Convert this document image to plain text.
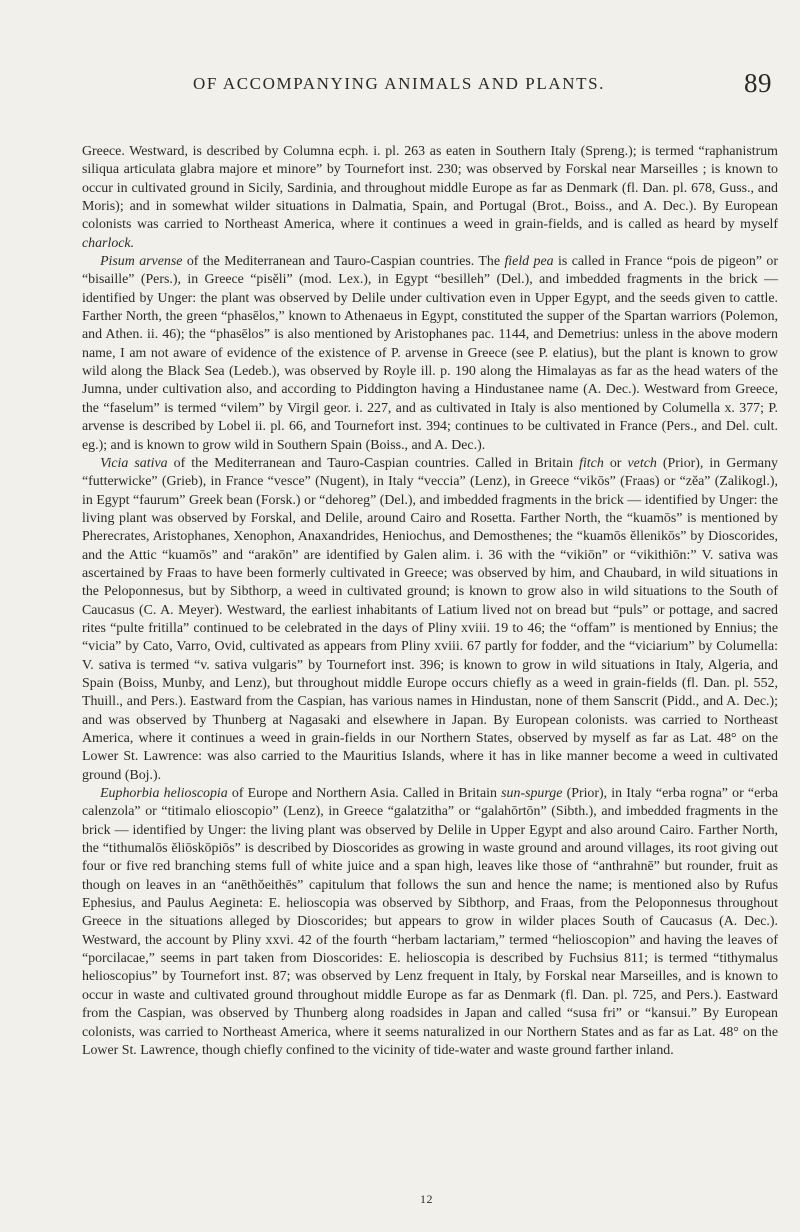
OF ACCOMPANYING ANIMALS AND PLANTS.	89

Greece. Westward, is described by Columna ecph. i. pl. 263 as eaten in Southern Italy (Spreng.); is termed “raphanistrum siliqua articulata glabra majore et minore” by Tournefort inst. 230; was observed by Forskal near Marseilles ; is known to occur in cultivated ground in Sicily, Sardinia, and throughout middle Europe as far as Denmark (fl. Dan. pl. 678, Guss., and Moris); and in somewhat wilder situations in Dalmatia, Spain, and Portugal (Brot., Boiss., and A. Dec.). By European colonists was carried to Northeast America, where it continues a weed in grain-fields, and is called as heard by myself charlock.

Pisum arvense of the Mediterranean and Tauro-Caspian countries. The field pea is called in France “pois de pigeon” or “bisaille” (Pers.), in Greece “pisĕli” (mod. Lex.), in Egypt “besilleh” (Del.), and imbedded fragments in the brick — identified by Unger: the plant was observed by Delile under cultivation even in Upper Egypt, and the seeds given to cattle. Farther North, the green “phasēlos,” known to Athenaeus in Egypt, constituted the supper of the Spartan warriors (Polemon, and Athen. ii. 46); the “phasēlos” is also mentioned by Aristophanes pac. 1144, and Demetrius: unless in the above modern name, I am not aware of evidence of the existence of P. arvense in Greece (see P. elatius), but the plant is known to grow wild along the Black Sea (Ledeb.), was observed by Royle ill. p. 190 along the Himalayas as far as the head waters of the Jumna, under cultivation also, and according to Piddington having a Hindustanee name (A. Dec.). Westward from Greece, the “faselum” is termed “vilem” by Virgil geor. i. 227, and as cultivated in Italy is also mentioned by Columella x. 377; P. arvense is described by Lobel ii. pl. 66, and Tournefort inst. 394; continues to be cultivated in France (Pers., and Del. cult. eg.); and is known to grow wild in Southern Spain (Boiss., and A. Dec.).

Vicia sativa of the Mediterranean and Tauro-Caspian countries. Called in Britain fitch or vetch (Prior), in Germany “futterwicke” (Grieb), in France “vesce” (Nugent), in Italy “veccia” (Lenz), in Greece “vikōs” (Fraas) or “zĕa” (Zalikogl.), in Egypt “faurum” Greek bean (Forsk.) or “dehoreg” (Del.), and imbedded fragments in the brick — identified by Unger: the living plant was observed by Forskal, and Delile, around Cairo and Rosetta. Farther North, the “kuamōs” is mentioned by Pherecrates, Aristophanes, Xenophon, Anaxandrides, Heniochus, and Demosthenes; the “kuamōs ĕllenikōs” by Dioscorides, and the Attic “kuamōs” and “arakōn” are identified by Galen alim. i. 36 with the “vikiōn” or “vikithiōn:” V. sativa was ascertained by Fraas to have been formerly cultivated in Greece; was observed by him, and Chaubard, in wild situations in the Peloponnesus, but by Sibthorp, a weed in cultivated ground; is known to grow also in wild situations to the South of Caucasus (C. A. Meyer). Westward, the earliest inhabitants of Latium lived not on bread but “puls” or pottage, and sacred rites “pulte fritilla” continued to be celebrated in the days of Pliny xviii. 19 to 46; the “offam” is mentioned by Ennius; the “vicia” by Cato, Varro, Ovid, cultivated as appears from Pliny xviii. 67 partly for fodder, and the “viciarium” by Columella: V. sativa is termed “v. sativa vulgaris” by Tournefort inst. 396; is known to grow in wild situations in Italy, Algeria, and Spain (Boiss, Munby, and Lenz), but throughout middle Europe occurs chiefly as a weed in grain-fields (fl. Dan. pl. 552, Thuill., and Pers.). Eastward from the Caspian, has various names in Hindustan, none of them Sanscrit (Pidd., and A. Dec.); and was observed by Thunberg at Nagasaki and elsewhere in Japan. By European colonists. was carried to Northeast America, where it continues a weed in grain-fields in our Northern States, observed by myself as far as Lat. 48° on the Lower St. Lawrence: was also carried to the Mauritius Islands, where it has in like manner become a weed in cultivated ground (Boj.).

Euphorbia helioscopia of Europe and Northern Asia. Called in Britain sun-spurge (Prior), in Italy “erba rogna” or “erba calenzola” or “titimalo elioscopio” (Lenz), in Greece “galatzitha” or “galahōrtōn” (Sibth.), and imbedded fragments in the brick — identified by Unger: the living plant was observed by Delile in Upper Egypt and also around Cairo. Farther North, the “tithumalōs ĕliōskōpiōs” is described by Dioscorides as growing in waste ground and around villages, its root giving out four or five red branching stems full of white juice and a span high, leaves like those of “anthrahnē” but rounder, fruit as though on leaves in an “anēthŏeithēs” capitulum that follows the sun and hence the name; is mentioned also by Rufus Ephesius, and Paulus Aegineta: E. helioscopia was observed by Sibthorp, and Fraas, from the Peloponnesus throughout Greece in the situations alleged by Dioscorides; but appears to grow in wilder places South of Caucasus (A. Dec.). Westward, the account by Pliny xxvi. 42 of the fourth “herbam lactariam,” termed “helioscopion” and having the leaves of “porcilacae,” seems in part taken from Dioscorides: E. helioscopia is described by Fuchsius 811; is termed “tithymalus helioscopius” by Tournefort inst. 87; was observed by Lenz frequent in Italy, by Forskal near Marseilles, and is known to occur in waste and cultivated ground throughout middle Europe as far as Denmark (fl. Dan. pl. 725, and Pers.). Eastward from the Caspian, was observed by Thunberg along roadsides in Japan and called “susa fri” or “kansui.” By European colonists, was carried to Northeast America, where it seems naturalized in our Northern States and as far as Lat. 48° on the Lower St. Lawrence, though chiefly confined to the vicinity of tide-water and waste ground farther inland.

12
